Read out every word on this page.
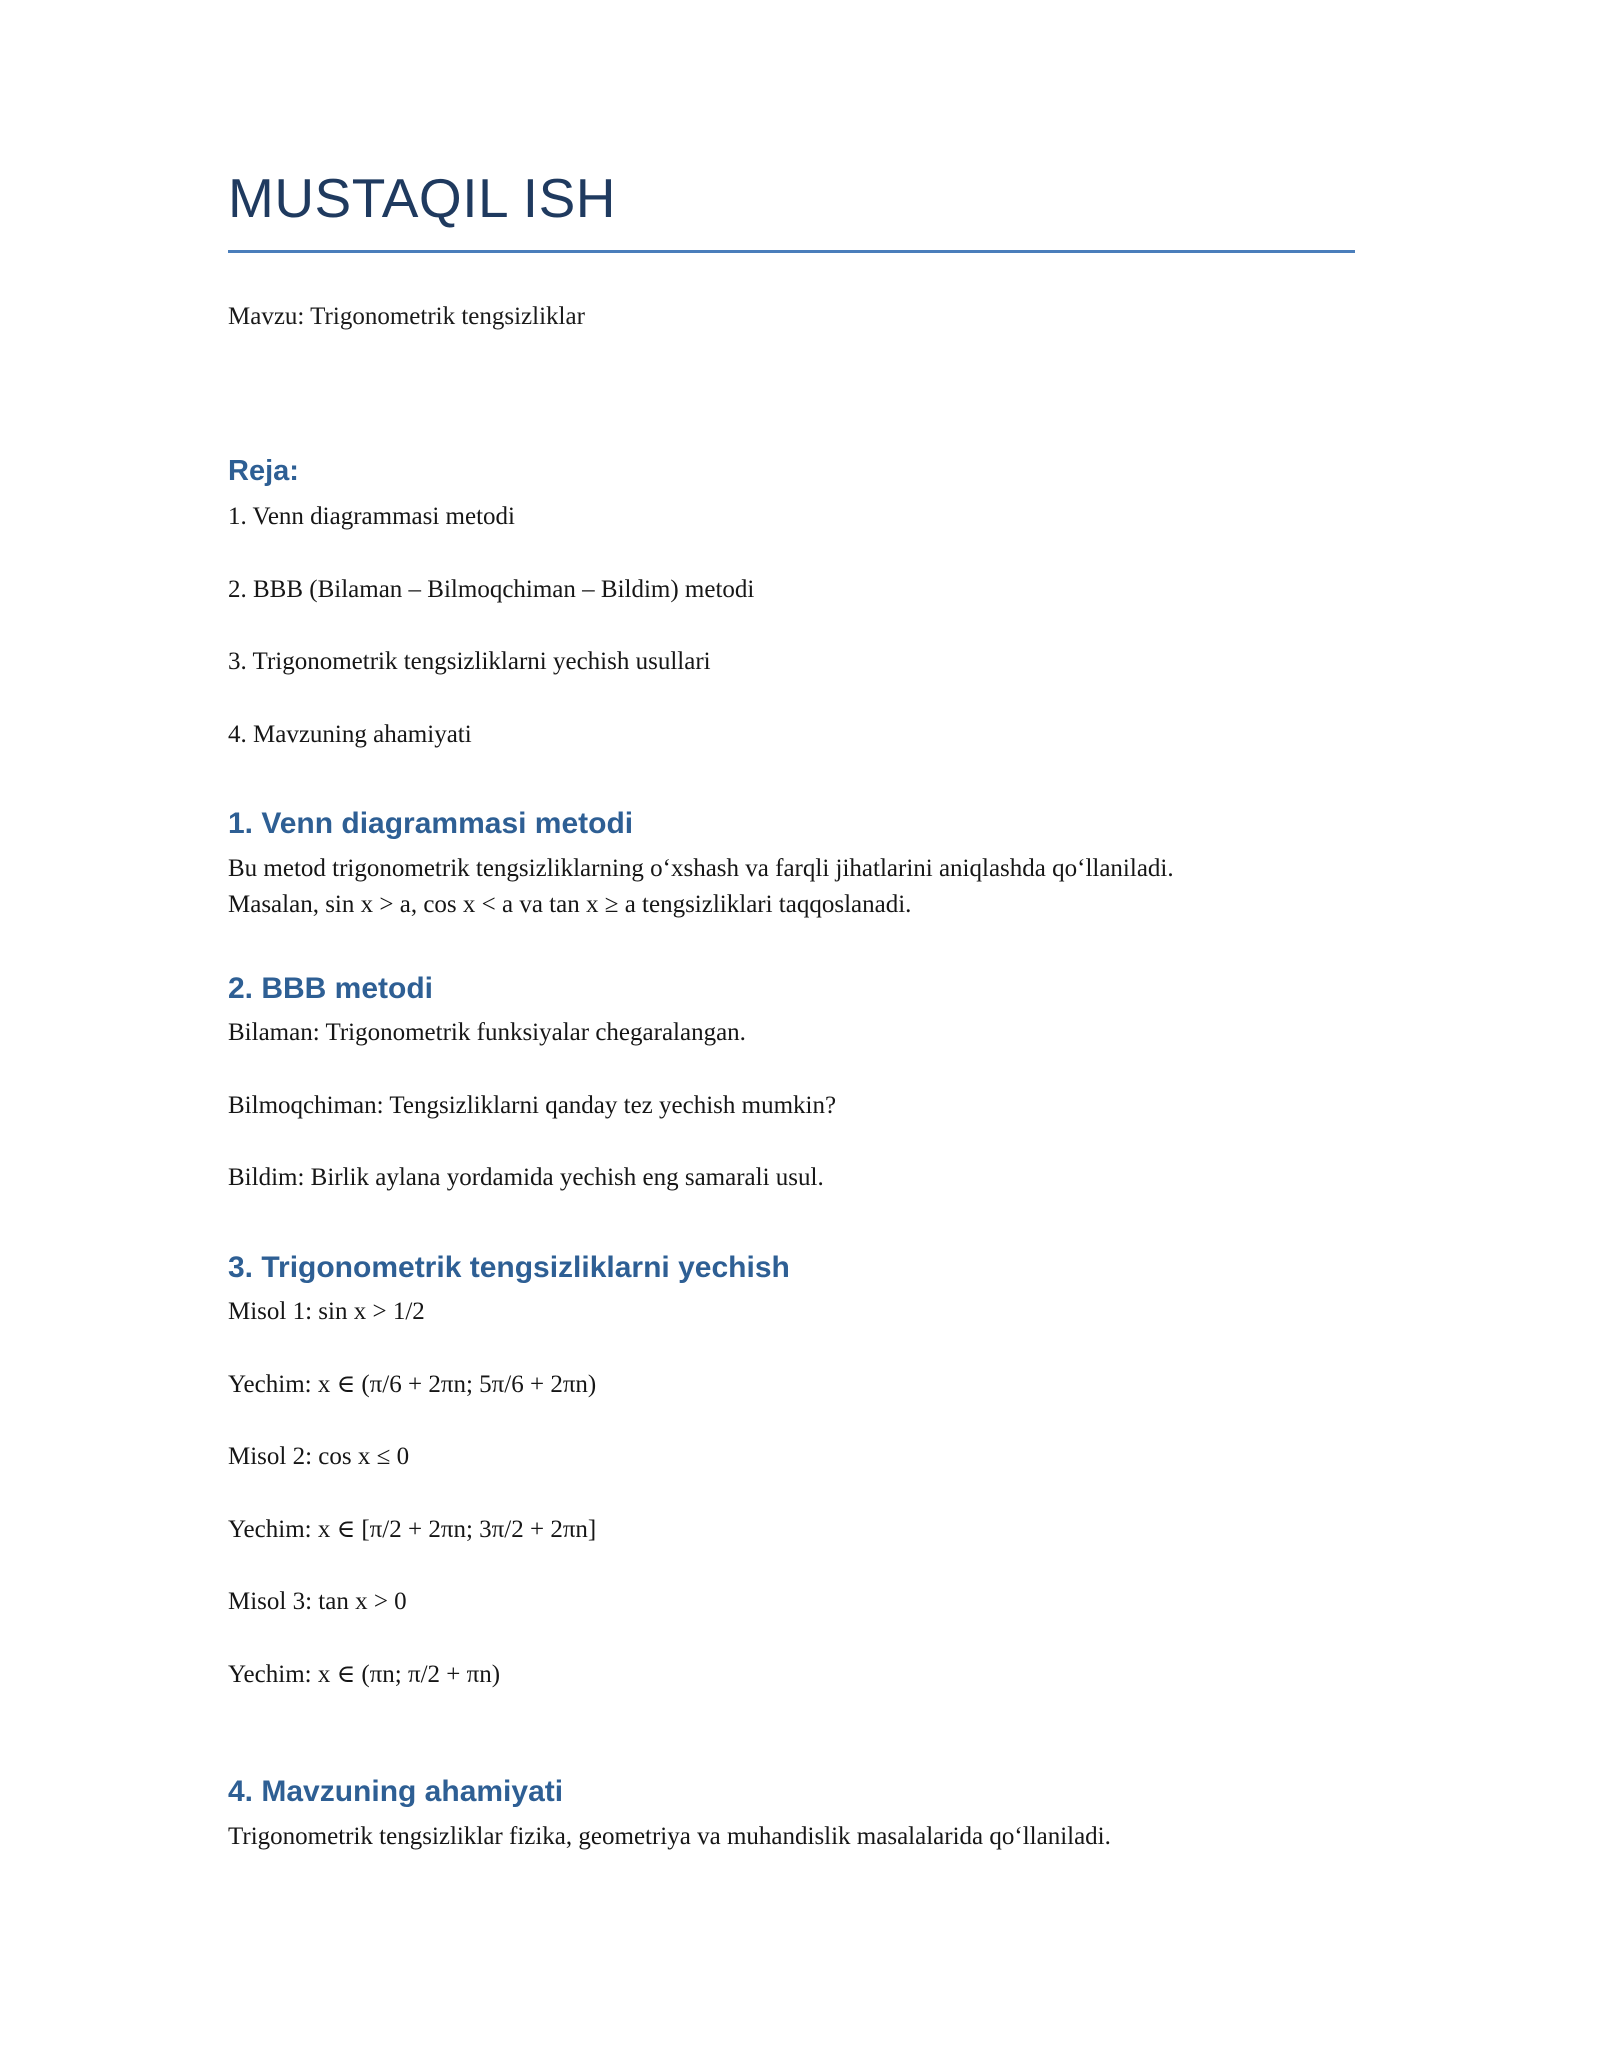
MUSTAQIL ISH

Mavzu: Trigonometrik tengsizliklar

Reja:

1. Venn diagrammasi metodi

2. BBB (Bilaman – Bilmoqchiman – Bildim) metodi

3. Trigonometrik tengsizliklarni yechish usullari

4. Mavzuning ahamiyati

1. Venn diagrammasi metodi

Bu metod trigonometrik tengsizliklarning oʻxshash va farqli jihatlarini aniqlashda qoʻllaniladi.

Masalan, sin x > a, cos x < a va tan x ≥ a tengsizliklari taqqoslanadi.

2. BBB metodi

Bilaman: Trigonometrik funksiyalar chegaralangan.

Bilmoqchiman: Tengsizliklarni qanday tez yechish mumkin?

Bildim: Birlik aylana yordamida yechish eng samarali usul.

3. Trigonometrik tengsizliklarni yechish

Misol 1: sin x > 1/2

Yechim: x ∈ (π/6 + 2πn; 5π/6 + 2πn)

Misol 2: cos x ≤ 0

Yechim: x ∈ [π/2 + 2πn; 3π/2 + 2πn]

Misol 3: tan x > 0

Yechim: x ∈ (πn; π/2 + πn)

4. Mavzuning ahamiyati

Trigonometrik tengsizliklar fizika, geometriya va muhandislik masalalarida qoʻllaniladi.
